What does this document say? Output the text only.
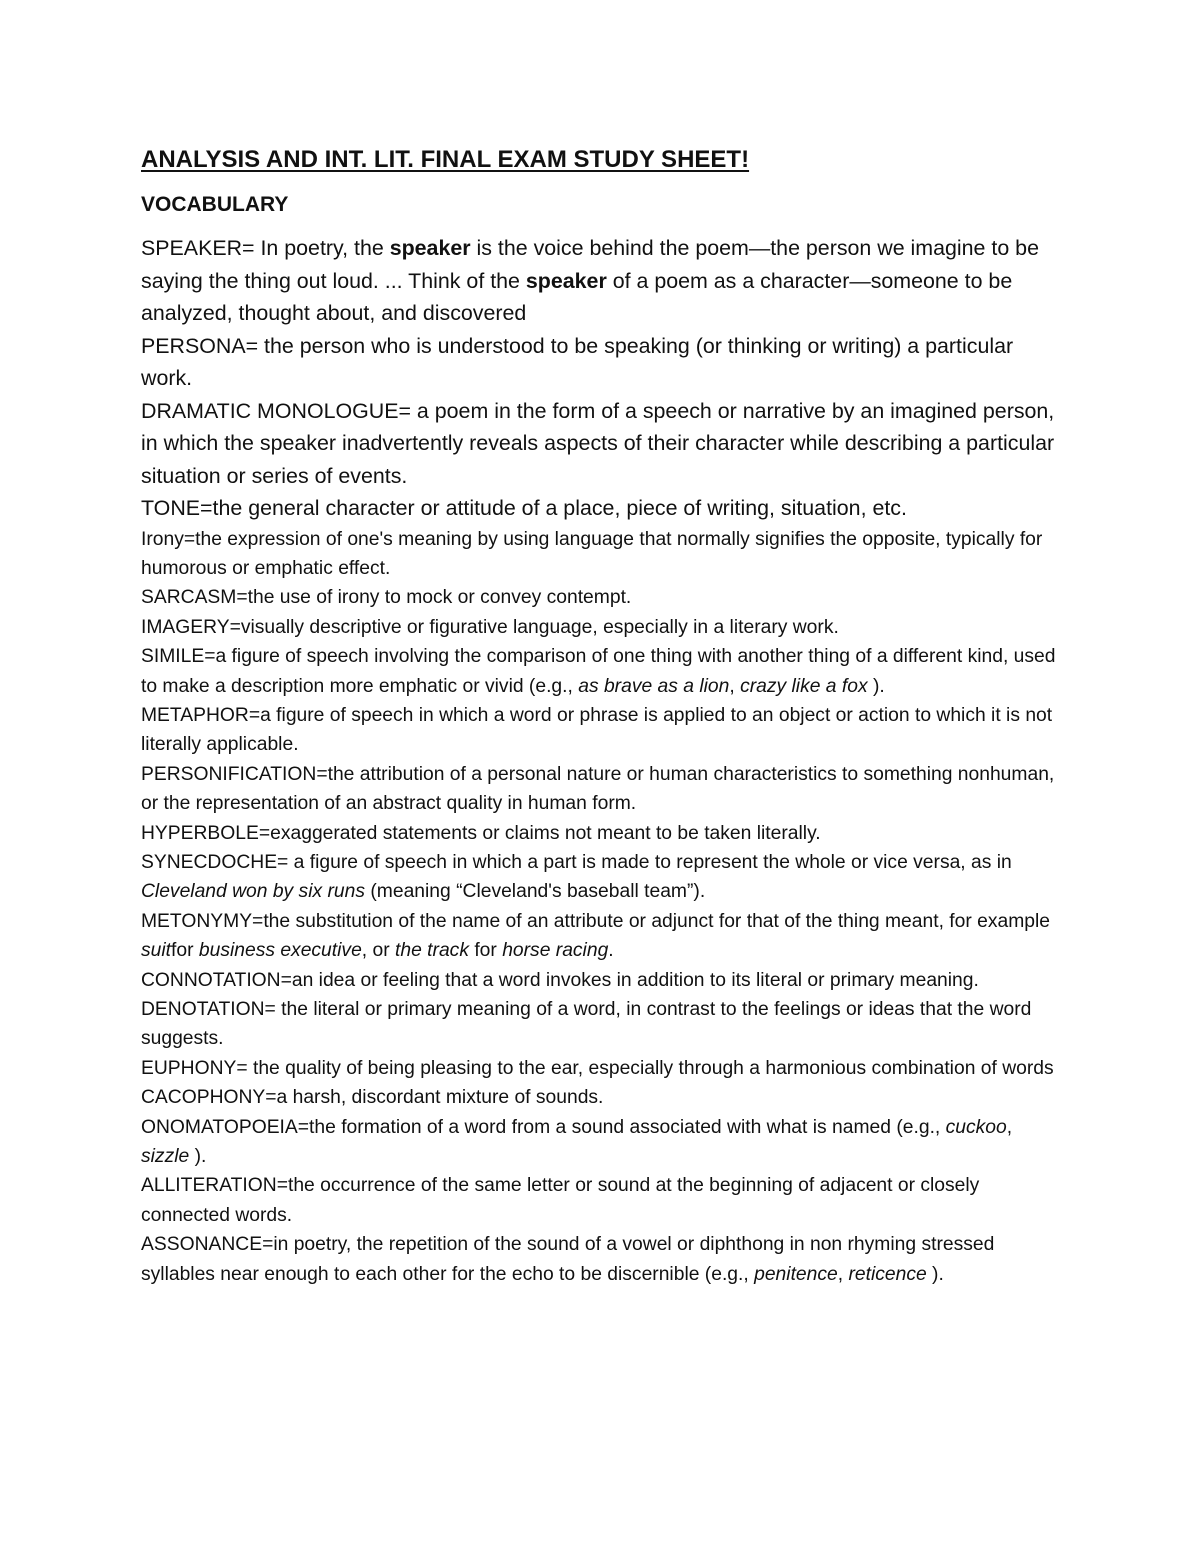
ANALYSIS AND INT. LIT. FINAL EXAM STUDY SHEET!
VOCABULARY

SPEAKER= In poetry, the speaker is the voice behind the poem—the person we imagine to be saying the thing out loud. ... Think of the speaker of a poem as a character—someone to be analyzed, thought about, and discovered

PERSONA= the person who is understood to be speaking (or thinking or writing) a particular work.

DRAMATIC MONOLOGUE= a poem in the form of a speech or narrative by an imagined person, in which the speaker inadvertently reveals aspects of their character while describing a particular situation or series of events.

TONE=the general character or attitude of a place, piece of writing, situation, etc.

Irony=the expression of one's meaning by using language that normally signifies the opposite, typically for humorous or emphatic effect.

SARCASM=the use of irony to mock or convey contempt.

IMAGERY=visually descriptive or figurative language, especially in a literary work.

SIMILE=a figure of speech involving the comparison of one thing with another thing of a different kind, used to make a description more emphatic or vivid (e.g., as brave as a lion, crazy like a fox ).

METAPHOR=a figure of speech in which a word or phrase is applied to an object or action to which it is not literally applicable.

PERSONIFICATION=the attribution of a personal nature or human characteristics to something nonhuman, or the representation of an abstract quality in human form.

HYPERBOLE=exaggerated statements or claims not meant to be taken literally.

SYNECDOCHE= a figure of speech in which a part is made to represent the whole or vice versa, as in Cleveland won by six runs (meaning “Cleveland's baseball team”).

METONYMY=the substitution of the name of an attribute or adjunct for that of the thing meant, for example suitfor business executive, or the track for horse racing.

CONNOTATION=an idea or feeling that a word invokes in addition to its literal or primary meaning.

DENOTATION= the literal or primary meaning of a word, in contrast to the feelings or ideas that the word suggests.

EUPHONY= the quality of being pleasing to the ear, especially through a harmonious combination of words

CACOPHONY=a harsh, discordant mixture of sounds.

ONOMATOPOEIA=the formation of a word from a sound associated with what is named (e.g., cuckoo, sizzle ).

ALLITERATION=the occurrence of the same letter or sound at the beginning of adjacent or closely connected words.

ASSONANCE=in poetry, the repetition of the sound of a vowel or diphthong in non rhyming stressed syllables near enough to each other for the echo to be discernible (e.g., penitence, reticence ).
